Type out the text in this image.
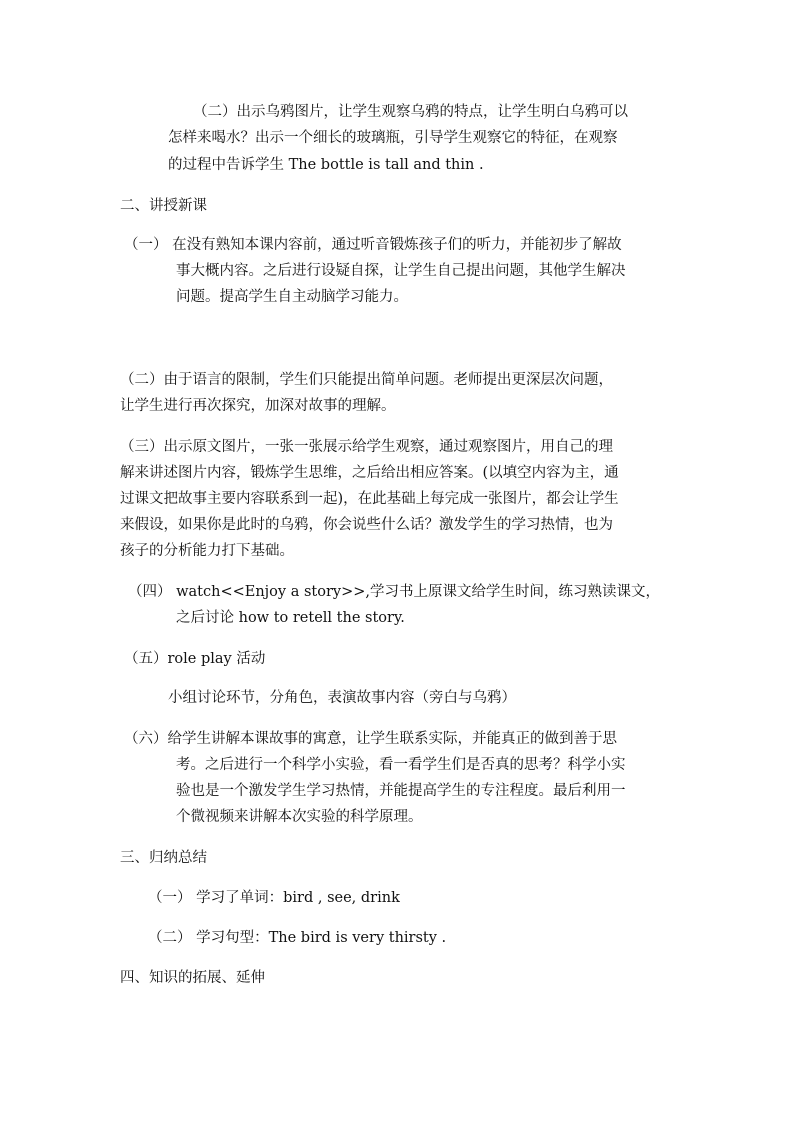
（二）出示乌鸦图片，让学生观察乌鸦的特点，让学生明白乌鸦可以
怎样来喝水？出示一个细长的玻璃瓶，引导学生观察它的特征，在观察
的过程中告诉学生 The bottle is tall and thin .
二、讲授新课
（一） 在没有熟知本课内容前，通过听音锻炼孩子们的听力，并能初步了解故
事大概内容。之后进行设疑自探，让学生自己提出问题，其他学生解决
问题。提高学生自主动脑学习能力。
（二）由于语言的限制，学生们只能提出简单问题。老师提出更深层次问题，
让学生进行再次探究，加深对故事的理解。
（三）出示原文图片，一张一张展示给学生观察，通过观察图片，用自己的理
解来讲述图片内容，锻炼学生思维，之后给出相应答案。(以填空内容为主，通
过课文把故事主要内容联系到一起)，在此基础上每完成一张图片，都会让学生
来假设，如果你是此时的乌鸦，你会说些什么话？激发学生的学习热情，也为
孩子的分析能力打下基础。
（四） watch<<Enjoy a story>>,学习书上原课文给学生时间，练习熟读课文，
之后讨论 how to retell the story.
（五）role play 活动
小组讨论环节，分角色，表演故事内容（旁白与乌鸦）
（六）给学生讲解本课故事的寓意，让学生联系实际，并能真正的做到善于思
考。之后进行一个科学小实验，看一看学生们是否真的思考？科学小实
验也是一个激发学生学习热情，并能提高学生的专注程度。最后利用一
个微视频来讲解本次实验的科学原理。
三、归纳总结
（一） 学习了单词：bird , see, drink
（二） 学习句型：The bird is very thirsty .
四、知识的拓展、延伸
